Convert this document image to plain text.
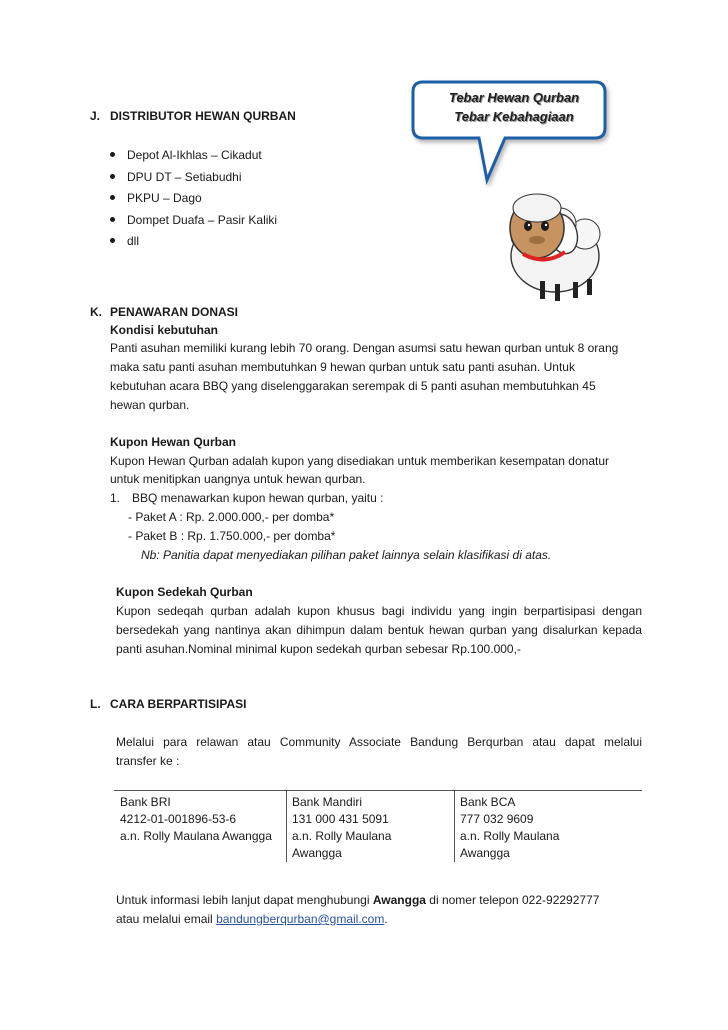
Tebar Hewan Qurban
Tebar Kebahagiaan
J. DISTRIBUTOR HEWAN QURBAN
Depot Al-Ikhlas – Cikadut
DPU DT – Setiabudhi
PKPU – Dago
Dompet Duafa – Pasir Kaliki
dll
K. PENAWARAN DONASI
Kondisi kebutuhan
Panti asuhan memiliki kurang lebih 70 orang. Dengan asumsi satu hewan qurban untuk 8 orang
maka satu panti asuhan membutuhkan 9 hewan qurban untuk satu panti asuhan. Untuk
kebutuhan acara BBQ yang diselenggarakan serempak di 5 panti asuhan membutuhkan 45
hewan qurban.
Kupon Hewan Qurban
Kupon Hewan Qurban adalah kupon yang disediakan untuk memberikan kesempatan donatur
untuk menitipkan uangnya untuk hewan qurban.
1. BBQ menawarkan kupon hewan qurban, yaitu :
- Paket A : Rp. 2.000.000,- per domba*
- Paket B : Rp. 1.750.000,- per domba*
Nb: Panitia dapat menyediakan pilihan paket lainnya selain klasifikasi di atas.
Kupon Sedekah Qurban
Kupon sedeqah qurban adalah kupon khusus bagi individu yang ingin berpartisipasi dengan
bersedekah yang nantinya akan dihimpun dalam bentuk hewan qurban yang disalurkan kepada
panti asuhan.Nominal minimal kupon sedekah qurban sebesar Rp.100.000,-
L. CARA BERPARTISIPASI
Melalui para relawan atau Community Associate Bandung Berqurban atau dapat melalui
transfer ke :
Bank BRI
4212-01-001896-53-6
a.n. Rolly Maulana Awangga
Bank Mandiri
131 000 431 5091
a.n. Rolly Maulana
Awangga
Bank BCA
777 032 9609
a.n. Rolly Maulana
Awangga
Untuk informasi lebih lanjut dapat menghubungi Awangga di nomer telepon 022-92292777
atau melalui email bandungberqurban@gmail.com.
